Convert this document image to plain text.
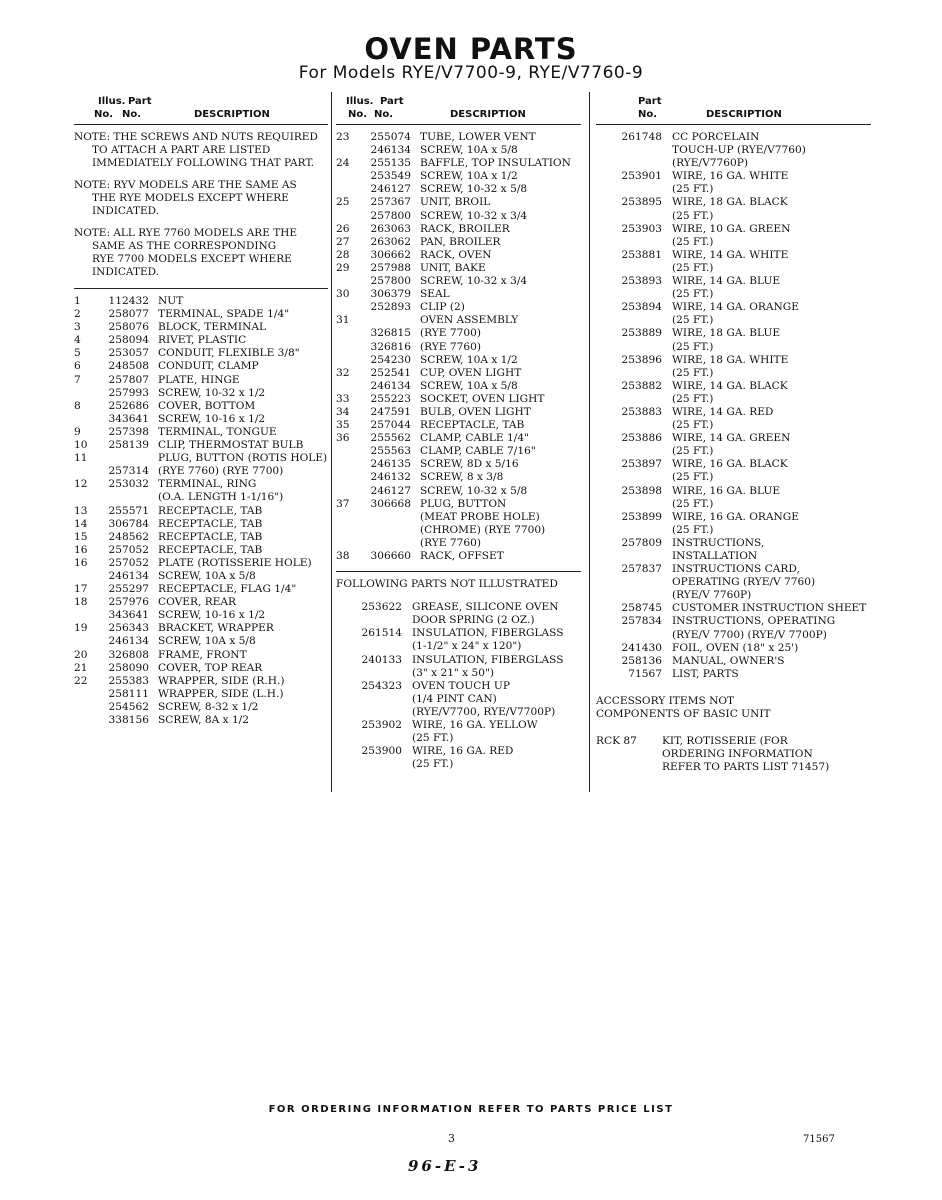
OVEN PARTS
For Models RYE/V7700-9, RYE/V7760-9
Illus. Part
No. No.	DESCRIPTION
NOTE: THE SCREWS AND NUTS REQUIRED
TO ATTACH A PART ARE LISTED
IMMEDIATELY FOLLOWING THAT PART.
NOTE: RYV MODELS ARE THE SAME AS
THE RYE MODELS EXCEPT WHERE
INDICATED.
NOTE: ALL RYE 7760 MODELS ARE THE
SAME AS THE CORRESPONDING
RYE 7700 MODELS EXCEPT WHERE
INDICATED.
1	112432 NUT
2	258077 TERMINAL, SPADE 1/4"
3	258076 BLOCK, TERMINAL
4	258094 RIVET, PLASTIC
5	253057 CONDUIT, FLEXIBLE 3/8"
6	248508 CONDUIT, CLAMP
7	257807 PLATE, HINGE
257993 SCREW, 10-32 x 1/2
8	252686 COVER, BOTTOM
343641 SCREW, 10-16 x 1/2
9	257398 TERMINAL, TONGUE
10	258139 CLIP, THERMOSTAT BULB
11	PLUG, BUTTON (ROTIS HOLE)
257314 (RYE 7760) (RYE 7700)
12	253032 TERMINAL, RING
(O.A. LENGTH 1-1/16")
13	255571 RECEPTACLE, TAB
14	306784 RECEPTACLE, TAB
15	248562 RECEPTACLE, TAB
16	257052 RECEPTACLE, TAB
16	257052 PLATE (ROTISSERIE HOLE)
246134 SCREW, 10A x 5/8
17	255297 RECEPTACLE, FLAG 1/4"
18	257976 COVER, REAR
343641 SCREW, 10-16 x 1/2
19	256343 BRACKET, WRAPPER
246134 SCREW, 10A x 5/8
20	326808 FRAME, FRONT
21	258090 COVER, TOP REAR
22	255383 WRAPPER, SIDE (R.H.)
258111 WRAPPER, SIDE (L.H.)
254562 SCREW, 8-32 x 1/2
338156 SCREW, 8A x 1/2
Illus. Part
No. No.	DESCRIPTION
23	255074 TUBE, LOWER VENT
246134 SCREW, 10A x 5/8
24	255135 BAFFLE, TOP INSULATION
253549 SCREW, 10A x 1/2
246127 SCREW, 10-32 x 5/8
25	257367 UNIT, BROIL
257800 SCREW, 10-32 x 3/4
26	263063 RACK, BROILER
27	263062 PAN, BROILER
28	306662 RACK, OVEN
29	257988 UNIT, BAKE
257800 SCREW, 10-32 x 3/4
30	306379 SEAL
252893 CLIP (2)
31	OVEN ASSEMBLY
326815 (RYE 7700)
326816 (RYE 7760)
254230 SCREW, 10A x 1/2
32	252541 CUP, OVEN LIGHT
246134 SCREW, 10A x 5/8
33	255223 SOCKET, OVEN LIGHT
34	247591 BULB, OVEN LIGHT
35	257044 RECEPTACLE, TAB
36	255562 CLAMP, CABLE 1/4"
255563 CLAMP, CABLE 7/16"
246135 SCREW, 8D x 5/16
246132 SCREW, 8 x 3/8
246127 SCREW, 10-32 x 5/8
37	306668 PLUG, BUTTON
(MEAT PROBE HOLE)
(CHROME) (RYE 7700)
(RYE 7760)
38	306660 RACK, OFFSET
FOLLOWING PARTS NOT ILLUSTRATED
253622 GREASE, SILICONE OVEN
DOOR SPRING (2 OZ.)
261514 INSULATION, FIBERGLASS
(1-1/2" x 24" x 120")
240133 INSULATION, FIBERGLASS
(3" x 21" x 50")
254323 OVEN TOUCH UP
(1/4 PINT CAN)
(RYE/V7700, RYE/V7700P)
253902 WIRE, 16 GA. YELLOW
(25 FT.)
253900 WIRE, 16 GA. RED
(25 FT.)
Part
No.	DESCRIPTION
261748 CC PORCELAIN
TOUCH-UP (RYE/V7760)
(RYE/V7760P)
253901 WIRE, 16 GA. WHITE
(25 FT.)
253895 WIRE, 18 GA. BLACK
(25 FT.)
253903 WIRE, 10 GA. GREEN
(25 FT.)
253881 WIRE, 14 GA. WHITE
(25 FT.)
253893 WIRE, 14 GA. BLUE
(25 FT.)
253894 WIRE, 14 GA. ORANGE
(25 FT.)
253889 WIRE, 18 GA. BLUE
(25 FT.)
253896 WIRE, 18 GA. WHITE
(25 FT.)
253882 WIRE, 14 GA. BLACK
(25 FT.)
253883 WIRE, 14 GA. RED
(25 FT.)
253886 WIRE, 14 GA. GREEN
(25 FT.)
253897 WIRE, 16 GA. BLACK
(25 FT.)
253898 WIRE, 16 GA. BLUE
(25 FT.)
253899 WIRE, 16 GA. ORANGE
(25 FT.)
257809 INSTRUCTIONS,
INSTALLATION
257837 INSTRUCTIONS CARD,
OPERATING (RYE/V 7760)
(RYE/V 7760P)
258745 CUSTOMER INSTRUCTION SHEET
257834 INSTRUCTIONS, OPERATING
(RYE/V 7700) (RYE/V 7700P)
241430 FOIL, OVEN (18" x 25')
258136 MANUAL, OWNER'S
71567 LIST, PARTS
ACCESSORY ITEMS NOT
COMPONENTS OF BASIC UNIT
RCK 87	KIT, ROTISSERIE (FOR
ORDERING INFORMATION
REFER TO PARTS LIST 71457)
FOR ORDERING INFORMATION REFER TO PARTS PRICE LIST
3	71567
96-E-3
